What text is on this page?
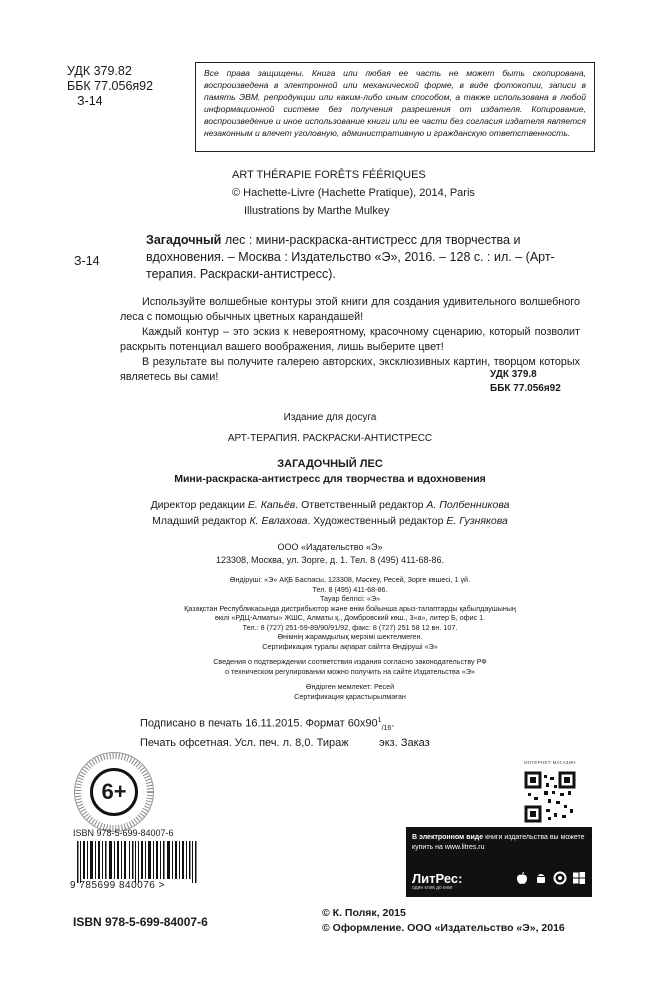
УДК 379.82
ББК 77.056я92
З-14
Все права защищены. Книга или любая ее часть не может быть скопирована, воспроизведена в электронной или механической форме, в виде фотокопии, записи в память ЭВМ, репродукции или каким-либо иным способом, а также использована в любой информационной системе без получения разрешения от издателя. Копирование, воспроизведение и иное использование книги или ее части без согласия издателя является незаконным и влечет уголовную, административную и гражданскую ответственность.
ART THÉRAPIE FORÊTS FÉÉRIQUES
© Hachette-Livre (Hachette Pratique), 2014, Paris
Illustrations by Marthe Mulkey
З-14
Загадочный лес : мини-раскраска-антистресс для творчества и вдохновения. – Москва : Издательство «Э», 2016. – 128 с. : ил. – (Арт-терапия. Раскраски-антистресс).

Используйте волшебные контуры этой книги для создания удивительного волшебного леса с помощью обычных цветных карандашей!

Каждый контур – это эскиз к невероятному, красочному сценарию, который позволит раскрыть потенциал вашего воображения, лишь выберите цвет!

В результате вы получите галерею авторских, эксклюзивных картин, творцом которых являетесь вы сами!	УДК 379.8
ББК 77.056я92
Издание для досуга
АРТ-ТЕРАПИЯ. РАСКРАСКИ-АНТИСТРЕСС
ЗАГАДОЧНЫЙ ЛЕС
Мини-раскраска-антистресс для творчества и вдохновения
Директор редакции Е. Капьёв. Ответственный редактор А. Полбенникова
Младший редактор К. Евлахова. Художественный редактор Е. Гузнякова
ООО «Издательство «Э»
123308, Москва, ул. Зорге, д. 1. Тел. 8 (495) 411-68-86.
Өндіруші: «Э» АҚБ Баспасы, 123308, Мәскеу, Ресей, Зорге көшесі, 1 үй.
Тел. 8 (495) 411-68-86.
Тауар белгісі: «Э»
Қазақстан Республикасында дистрибьютор және өнім бойынша арыз-талаптарды қабылдаушының
өкілі «РДЦ-Алматы» ЖШС, Алматы қ., Домбровский көш., 3«а», литер Б, офис 1.
Тел.: 8 (727) 251-59-89/90/91/92, факс: 8 (727) 251 58 12 вн. 107.
Өнімнің жарамдылық мерзімі шектелмеген.
Сертификация туралы ақпарат сайтта Өндіруші «Э»
Сведения о подтверждении соответствия издания согласно законодательству РФ
о техническом регулировании можно получить на сайте Издательства «Э»
Өндірген мемлекет: Ресей
Сертификация қарастырылмаған
Подписано в печать 16.11.2015. Формат $60х90^1_{/16}$.
Печать офсетная. Усл. печ. л. 8,0. Тираж          экз. Заказ
6+
ISBN 978-5-699-84007-6
9 785699 840076 >
ISBN 978-5-699-84007-6
© К. Поляк, 2015
© Оформление. ООО «Издательство «Э», 2016
ИНТЕРНЕТ-МАГАЗИН
В электронном виде книги издательства вы можете купить на www.litres.ru
ЛитРес:
один клик до книг
